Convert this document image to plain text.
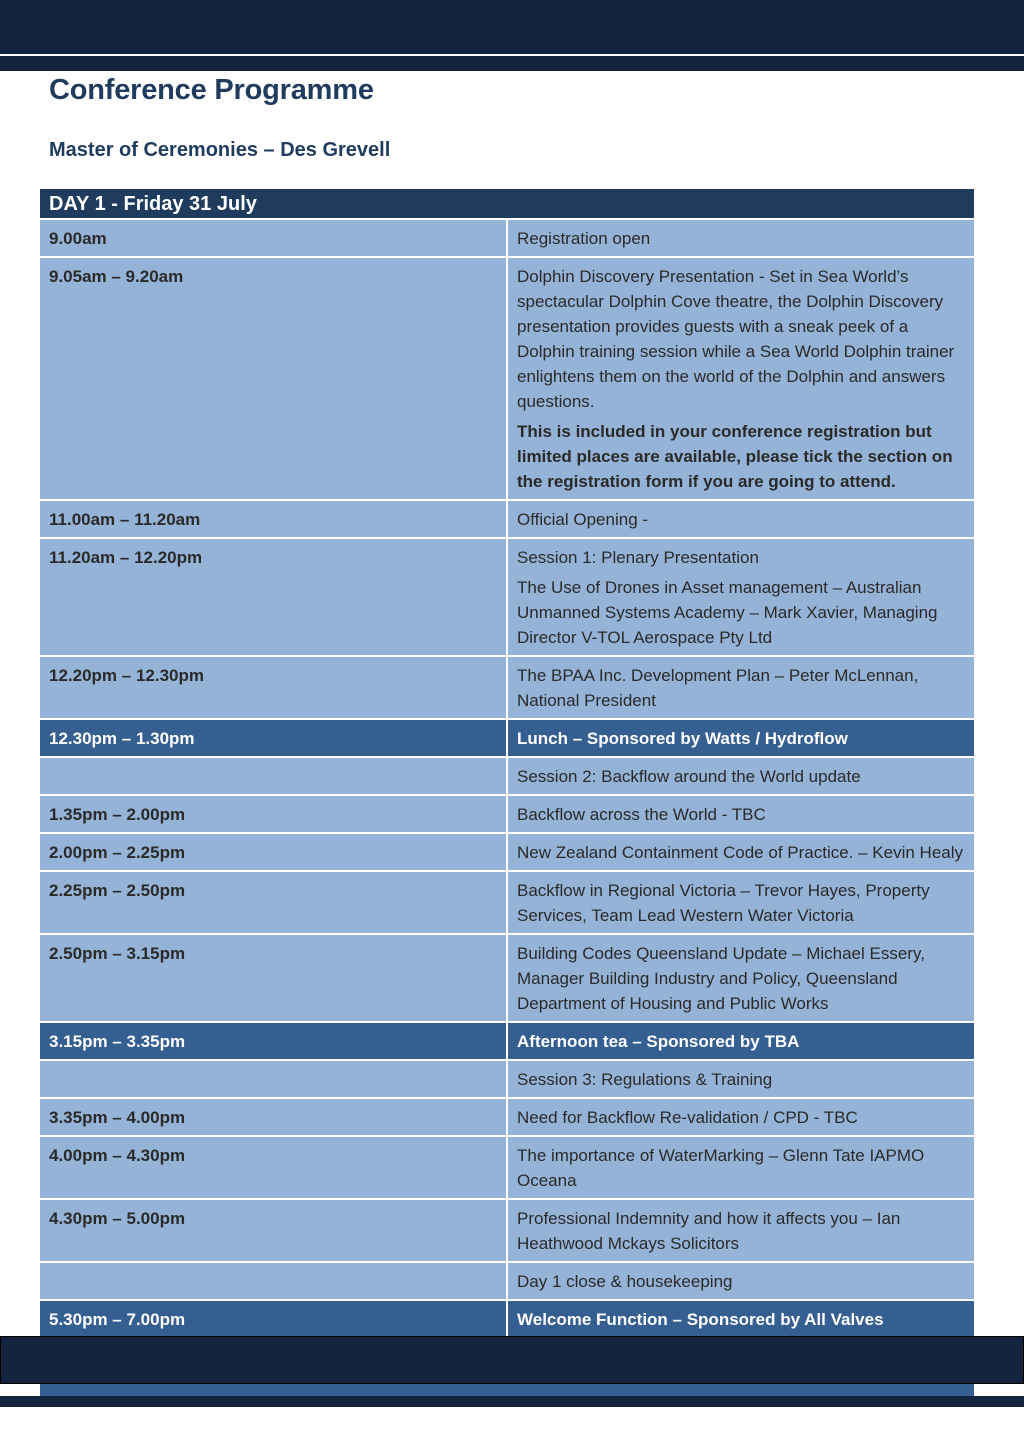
Conference Programme
Master of Ceremonies – Des Grevell
DAY 1 - Friday 31 July	
9.00am	Registration open

9.05am – 9.20am	Dolphin Discovery Presentation - Set in Sea World’s spectacular Dolphin Cove theatre, the Dolphin Discovery presentation provides guests with a sneak peek of a Dolphin training session while a Sea World Dolphin trainer enlightens them on the world of the Dolphin and answers questions.
This is included in your conference registration but limited places are available, please tick the section on the registration form if you are going to attend.

11.00am – 11.20am	Official Opening -

11.20am – 12.20pm	Session 1: Plenary Presentation
The Use of Drones in Asset management – Australian Unmanned Systems Academy – Mark Xavier, Managing Director V-TOL Aerospace Pty Ltd

12.20pm – 12.30pm	The BPAA Inc. Development Plan – Peter McLennan, National President

12.30pm – 1.30pm	Lunch – Sponsored by Watts / Hydroflow

	Session 2: Backflow around the World update

1.35pm – 2.00pm	Backflow across the World - TBC

2.00pm – 2.25pm	New Zealand Containment Code of Practice. – Kevin Healy

2.25pm – 2.50pm	Backflow in Regional Victoria – Trevor Hayes, Property Services, Team Lead Western Water Victoria

2.50pm – 3.15pm	Building Codes Queensland Update – Michael Essery, Manager Building Industry and Policy, Queensland Department of Housing and Public Works

3.15pm – 3.35pm	Afternoon tea – Sponsored by TBA

	Session 3: Regulations & Training

3.35pm – 4.00pm	Need for Backflow Re-validation / CPD - TBC

4.00pm – 4.30pm	The importance of WaterMarking – Glenn Tate IAPMO Oceana

4.30pm – 5.00pm	Professional Indemnity and how it affects you – Ian Heathwood Mckays Solicitors

	Day 1 close & housekeeping

5.30pm – 7.00pm	Welcome Function – Sponsored by All Valves
